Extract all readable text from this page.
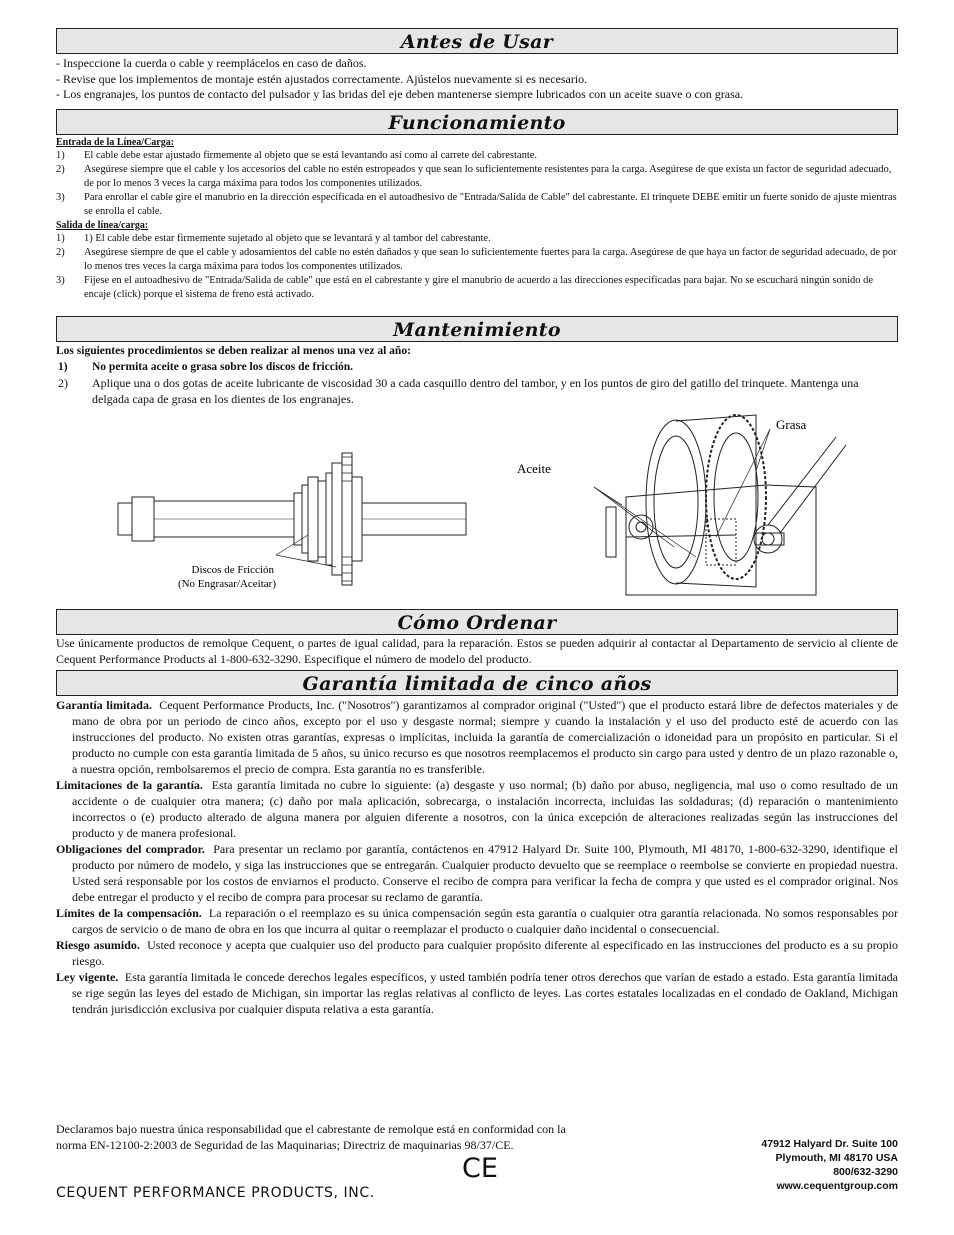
Antes de Usar

- Inspeccione la cuerda o cable y reemplácelos en caso de daños.

- Revise que los implementos de montaje estén ajustados correctamente. Ajústelos nuevamente si es necesario.

- Los engranajes, los puntos de contacto del pulsador y las bridas del eje deben mantenerse siempre lubricados con un aceite suave o con grasa.

Funcionamiento

Entrada de la Línea/Carga:

1)	El cable debe estar ajustado firmemente al objeto que se está levantando así como al carrete del cabrestante.
2)	Asegúrese siempre que el cable y los accesorios del cable no estén estropeados y que sean lo suficientemente resistentes para la carga. Asegúrese de que exista un factor de seguridad adecuado, de por lo menos 3 veces la carga máxima para todos los componentes utilizados.
3)	Para enrollar el cable gire el manubrio en la dirección especificada en el autoadhesivo de "Entrada/Salida de Cable" del cabrestante. El trinquete DEBE emitir un fuerte sonido de ajuste mientras se enrolla el cable.

Salida de línea/carga:

1)	1) El cable debe estar firmemente sujetado al objeto que se levantará y al tambor del cabrestante.
2)	Asegúrese siempre de que el cable y adosamientos del cable no estén dañados y que sean lo suficientemente fuertes para la carga. Asegúrese de que haya un factor de seguridad adecuado, de por lo menos tres veces la carga máxima para todos los componentes utilizados.
3)	Fíjese en el autoadhesivo de "Entrada/Salida de cable" que está en el cabrestante y gire el manubrio de acuerdo a las direcciones especificadas para bajar. No se escuchará ningún sonido de encaje (click) porque el sistema de freno está activado.
Mantenimiento

Los siguientes procedimientos se deben realizar al menos una vez al año:

1)	No permita aceite o grasa sobre los discos de fricción.
2)	Aplique una o dos gotas de aceite lubricante de viscosidad 30 a cada casquillo dentro del tambor, y en los puntos de giro del gatillo del trinquete. Mantenga una delgada capa de grasa en los dientes de los engranajes.
Discos de Fricción
(No Engrasar/Aceitar)
Aceite
Grasa
Cómo Ordenar

Use únicamente productos de remolque Cequent, o partes de igual calidad, para la reparación. Estos se pueden adquirir al contactar al Departamento de servicio al cliente de Cequent Performance Products al 1-800-632-3290. Especifique el número de modelo del producto.

Garantía limitada de cinco años

Garantía limitada. Cequent Performance Products, Inc. ("Nosotros") garantizamos al comprador original ("Usted") que el producto estará libre de defectos materiales y de mano de obra por un periodo de cinco años, excepto por el uso y desgaste normal; siempre y cuando la instalación y el uso del producto esté de acuerdo con las instrucciones del producto. No existen otras garantías, expresas o implícitas, incluida la garantía de comercialización o idoneidad para un propósito en particular. Si el producto no cumple con esta garantía limitada de 5 años, su único recurso es que nosotros reemplacemos el producto sin cargo para usted y dentro de un plazo razonable o, a nuestra opción, rembolsaremos el precio de compra. Esta garantía no es transferible.

Limitaciones de la garantía. Esta garantía limitada no cubre lo siguiente: (a) desgaste y uso normal; (b) daño por abuso, negligencia, mal uso o como resultado de un accidente o de cualquier otra manera; (c) daño por mala aplicación, sobrecarga, o instalación incorrecta, incluidas las soldaduras; (d) reparación o mantenimiento incorrectos o (e) producto alterado de alguna manera por alguien diferente a nosotros, con la única excepción de alteraciones realizadas según las instrucciones del producto y de manera profesional.

Obligaciones del comprador. Para presentar un reclamo por garantía, contáctenos en 47912 Halyard Dr. Suite 100, Plymouth, MI 48170, 1-800-632-3290, identifique el producto por número de modelo, y siga las instrucciones que se entregarán. Cualquier producto devuelto que se reemplace o reembolse se convierte en propiedad nuestra. Usted será responsable por los costos de enviarnos el producto. Conserve el recibo de compra para verificar la fecha de compra y que usted es el comprador original. Nos debe entregar el producto y el recibo de compra para procesar su reclamo de garantía.

Límites de la compensación. La reparación o el reemplazo es su única compensación según esta garantía o cualquier otra garantía relacionada. No somos responsables por cargos de servicio o de mano de obra en los que incurra al quitar o reemplazar el producto o cualquier daño incidental o consecuencial.

Riesgo asumido. Usted reconoce y acepta que cualquier uso del producto para cualquier propósito diferente al especificado en las instrucciones del producto es a su propio riesgo.

Ley vigente. Esta garantía limitada le concede derechos legales específicos, y usted también podría tener otros derechos que varían de estado a estado. Esta garantía limitada se rige según las leyes del estado de Michigan, sin importar las reglas relativas al conflicto de leyes. Las cortes estatales localizadas en el condado de Oakland, Michigan tendrán jurisdicción exclusiva por cualquier disputa relativa a esta garantía.

Declaramos bajo nuestra única responsabilidad que el cabrestante de remolque está en conformidad con la norma EN-12100-2:2003 de Seguridad de las Maquinarias; Directriz de maquinarias 98/37/CE.

CEQUENT PERFORMANCE PRODUCTS, INC.
CE
47912 Halyard Dr. Suite 100
Plymouth, MI 48170 USA
800/632-3290
www.cequentgroup.com
